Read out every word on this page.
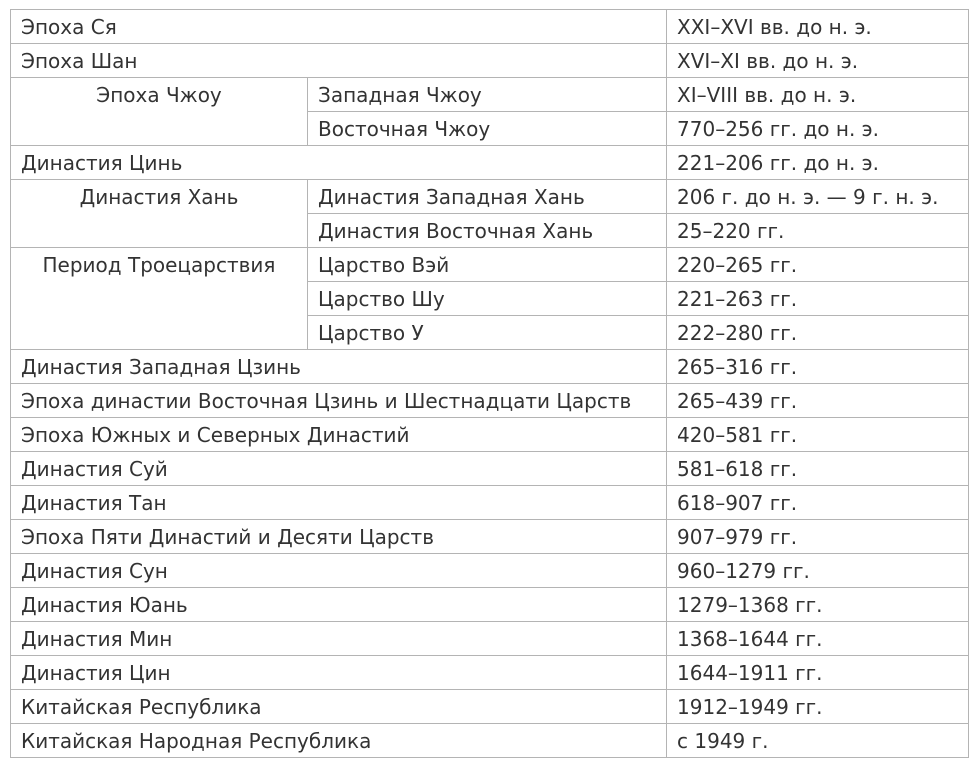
Эпоха Ся		XXI–XVI вв. до н. э.
Эпоха Шан		XVI–XI вв. до н. э.
Эпоха Чжоу	Западная Чжоу	XI–VIII вв. до н. э.
	Восточная Чжоу	770–256 гг. до н. э.
Династия Цинь		221–206 гг. до н. э.
Династия Хань	Династия Западная Хань	206 г. до н. э. — 9 г. н. э.
	Династия Восточная Хань	25–220 гг.
Период Троецарствия	Царство Вэй	220–265 гг.
	Царство Шу	221–263 гг.
	Царство У	222–280 гг.
Династия Западная Цзинь		265–316 гг.
Эпоха династии Восточная Цзинь и Шестнадцати Царств		265–439 гг.
Эпоха Южных и Северных Династий		420–581 гг.
Династия Суй		581–618 гг.
Династия Тан		618–907 гг.
Эпоха Пяти Династий и Десяти Царств		907–979 гг.
Династия Сун		960–1279 гг.
Династия Юань		1279–1368 гг.
Династия Мин		1368–1644 гг.
Династия Цин		1644–1911 гг.
Китайская Республика		1912–1949 гг.
Китайская Народная Республика		с 1949 г.
